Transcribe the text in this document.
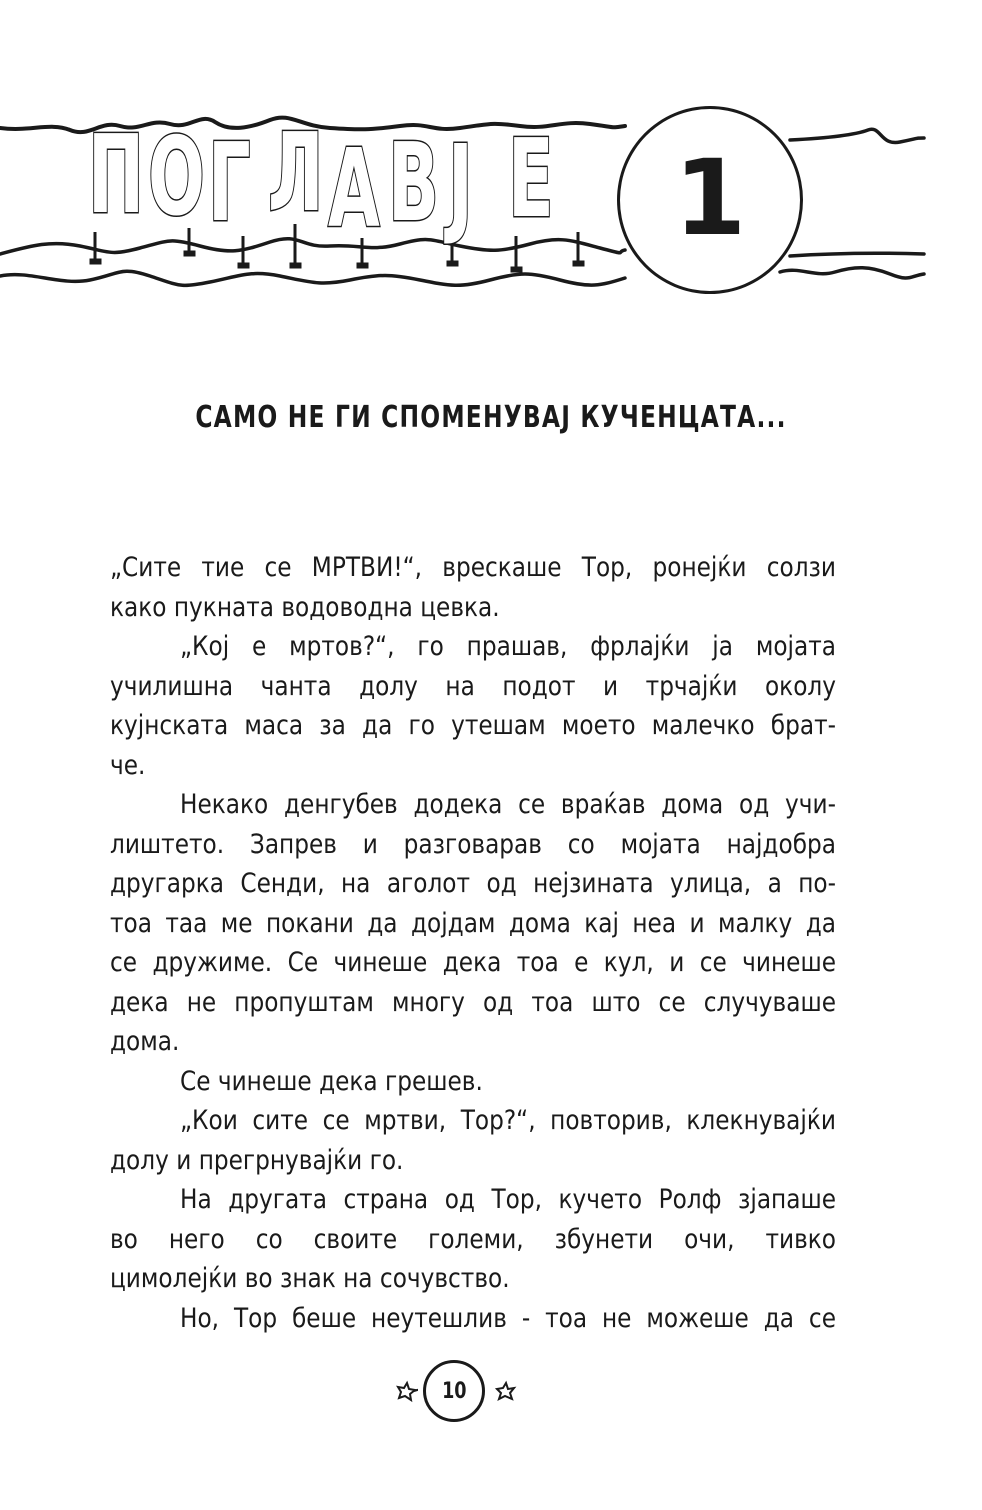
П О Г Л А В Ј Е 1
САМО НЕ ГИ СПОМЕНУВАЈ КУЧЕНЦАТА...
„Сите тие се МРТВИ!“, врескаше Тор, ронејќи солзи
како пукната водоводна цевка.
„Кој е мртов?“, го прашав, фрлајќи ја мојата
училишна чанта долу на подот и трчајќи околу
кујнската маса за да го утешам моето малечко брат-
че.
Некако денгубев додека се враќав дома од учи-
лиштето. Запрев и разговарав со мојата најдобра
другарка Сенди, на аголот од нејзината улица, а по-
тоа таа ме покани да дојдам дома кај неа и малку да
се дружиме. Се чинеше дека тоа е кул, и се чинеше
дека не пропуштам многу од тоа што се случуваше
дома.
Се чинеше дека грешев.
„Кои сите се мртви, Тор?“, повторив, клекнувајќи
долу и прегрнувајќи го.
На другата страна од Тор, кучето Ролф зјапаше
во него со своите големи, збунети очи, тивко
цимолејќи во знак на сочувство.
Но, Тор беше неутешлив - тоа не можеше да се
10
